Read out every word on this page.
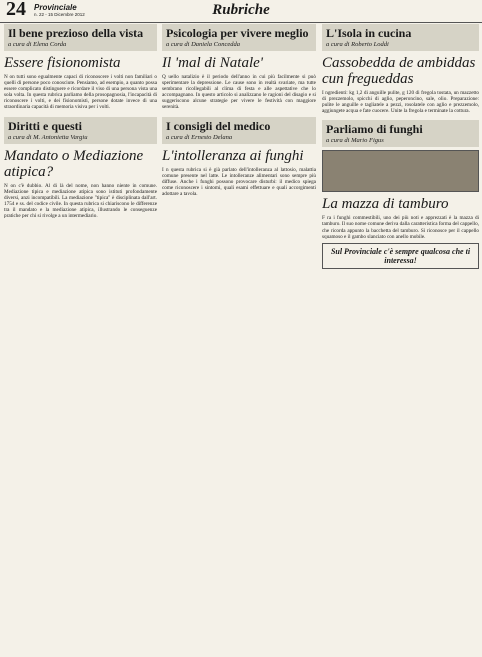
24 Provinciale
n. 22 - 15 Dicembre 2012	Rubriche
Il bene prezioso della vista
a cura di Elena Corda
Essere fisionomista

N on tutti sono egualmente capaci di riconoscere i volti non familiari o quelli di persone poco conosciute. Pensiamo, ad esempio, a quanto possa essere complicato distinguere e ricordare il viso di una persona vista una sola volta. In questa rubrica parliamo della prosopagnosia, l'incapacità di riconoscere i volti, e dei fisionomisti, persone dotate invece di una straordinaria capacità di memoria visiva per i volti.

Diritti e questi
a cura di M. Antonietta Vargiu
Mandato o Mediazione atipica?

N on c'è dubbio. Al di là del nome, non hanno niente in comune. Mediazione tipica e mediazione atipica sono istituti profondamente diversi, anzi incompatibili. La mediazione "tipica" è disciplinata dall'art. 1754 e ss. del codice civile. In questa rubrica si chiariscono le differenze tra il mandato e la mediazione atipica, illustrando le conseguenze pratiche per chi si rivolge a un intermediario.

Psicologia per vivere meglio
a cura di Daniela Concedda
Il 'mal di Natale'

Q uello natalizio è il periodo dell'anno in cui più facilmente si può sperimentare la depressione. Le cause sono in realtà svariate, ma tutte sembrano ricollegabili al clima di festa e alle aspettative che lo accompagnano. In questo articolo si analizzano le ragioni del disagio e si suggeriscono alcune strategie per vivere le festività con maggiore serenità.

I consigli del medico
a cura di Ernesto Delana
L'intolleranza ai funghi

I n questa rubrica si è già parlato dell'intolleranza al lattosio, malattia comune presente nel latte. Le intolleranze alimentari sono sempre più diffuse. Anche i funghi possono provocare disturbi: il medico spiega come riconoscere i sintomi, quali esami effettuare e quali accorgimenti adottare a tavola.

L'Isola in cucina
a cura di Roberto Loddi
Cassobedda de ambiddas cun fregueddas

I ngredienti: kg 1,2 di anguille pulite, g 120 di fregola tostata, un mazzetto di prezzemolo, spicchi di aglio, peperoncino, sale, olio. Preparazione: pulite le anguille e tagliatele a pezzi, rosolatele con aglio e prezzemolo, aggiungete acqua e fate cuocere. Unite la fregola e terminate la cottura.

Parliamo di funghi
a cura di Mario Figus
La mazza di tamburo

F ra i funghi commestibili, uno dei più noti e apprezzati è la mazza di tamburo. Il suo nome comune deriva dalla caratteristica forma del cappello, che ricorda appunto la bacchetta del tamburo. Si riconosce per il cappello squamoso e il gambo slanciato con anello mobile.

Sul Provinciale c'è sempre qualcosa che ti interessa!
